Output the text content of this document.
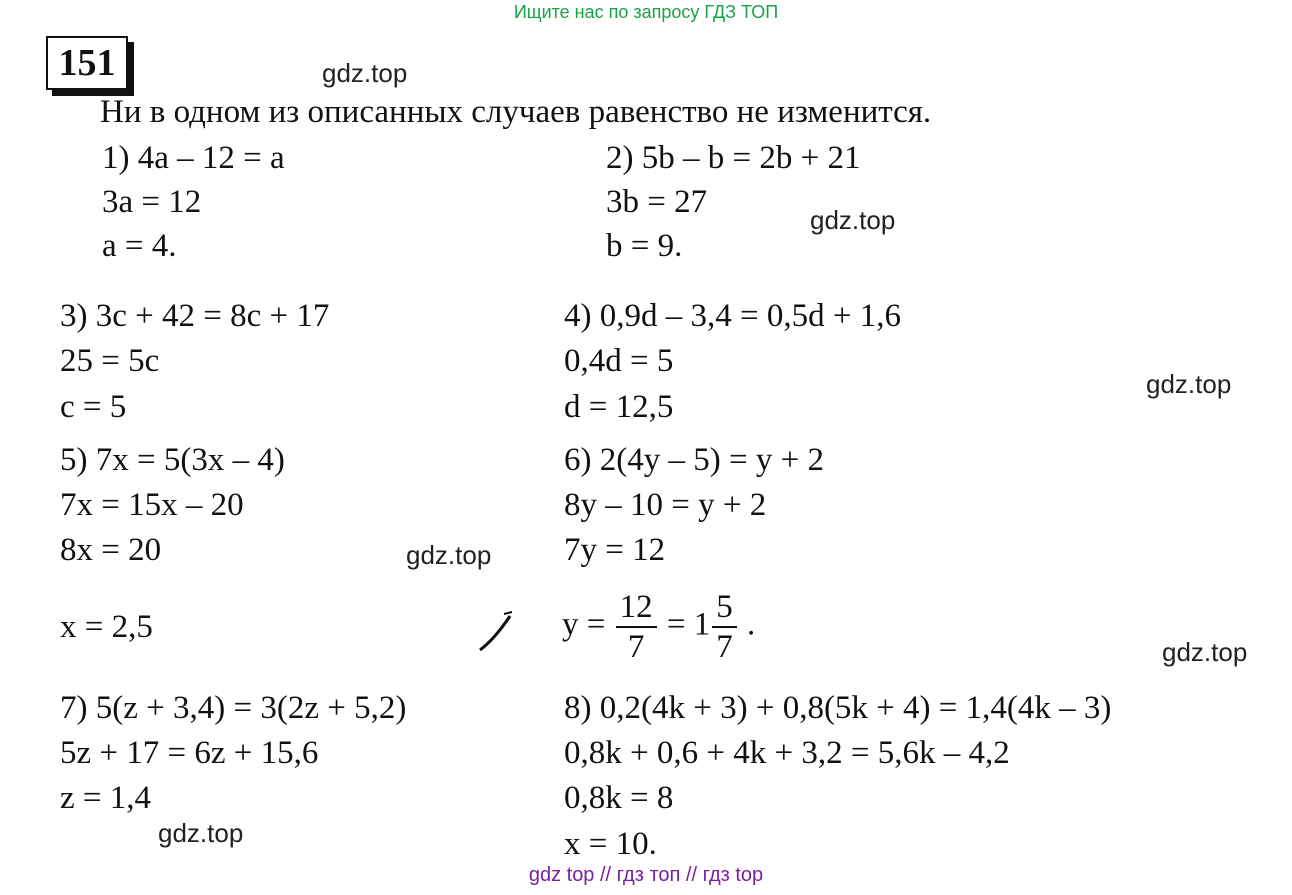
Ищите нас по запросу ГДЗ ТОП
151	gdz.top
gdz.top
gdz.top
gdz.top
gdz.top
gdz.top
Ни в одном из описанных случаев равенство не изменится.
1) 4a – 12 = a
3a = 12
a = 4.
2) 5b – b = 2b + 21
3b = 27
b = 9.
3) 3c + 42 = 8c + 17
25 = 5c
c = 5
4) 0,9d – 3,4 = 0,5d + 1,6
0,4d = 5
d = 12,5
5) 7x = 5(3x – 4)
7x = 15x – 20
8x = 20
x = 2,5
6) 2(4y – 5) = y + 2
8y – 10 = y + 2
7y = 12
$y = \frac{12}{7} = 1 \frac{5}{7}$ .
7) 5(z + 3,4) = 3(2z + 5,2)
5z + 17 = 6z + 15,6
z = 1,4
8) 0,2(4k + 3) + 0,8(5k + 4) = 1,4(4k – 3)
0,8k + 0,6 + 4k + 3,2 = 5,6k – 4,2
0,8k = 8
x = 10.
gdz top // гдз топ // гдз top
